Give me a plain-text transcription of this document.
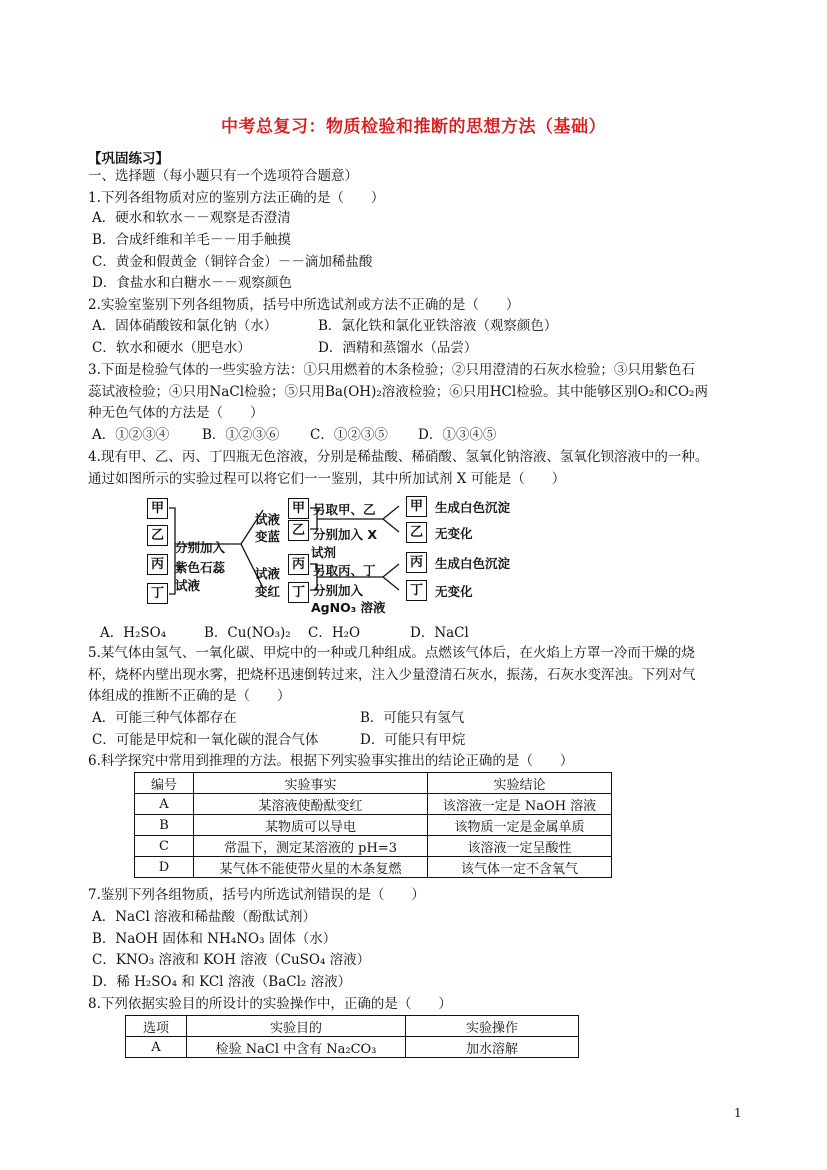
中考总复习：物质检验和推断的思想方法（基础）
【巩固练习】
一、选择题（每小题只有一个选项符合题意）
1.下列各组物质对应的鉴别方法正确的是（　　）
A．硬水和软水－－观察是否澄清
B．合成纤维和羊毛－－用手触摸
C．黄金和假黄金（铜锌合金）－－滴加稀盐酸
D．食盐水和白糖水－－观察颜色
2.实验室鉴别下列各组物质，括号中所选试剂或方法不正确的是（　　）
A．固体硝酸铵和氯化钠（水）	B．氯化铁和氯化亚铁溶液（观察颜色）
C．软水和硬水（肥皂水）	D．酒精和蒸馏水（品尝）
3.下面是检验气体的一些实验方法：①只用燃着的木条检验；②只用澄清的石灰水检验；③只用紫色石
蕊试液检验；④只用NaCl检验；⑤只用Ba(OH)₂溶液检验；⑥只用HCl检验。其中能够区别O₂和CO₂两
种无色气体的方法是（　　）
A．①②③④ B．①②③⑥ C．①②③⑤ D．①③④⑤
4.现有甲、乙、丙、丁四瓶无色溶液，分别是稀盐酸、稀硝酸、氢氧化钠溶液、氢氧化钡溶液中的一种。
通过如图所示的实验过程可以将它们一一鉴别，其中所加试剂 X 可能是（　　）
甲
乙
丙
丁
分别加入
紫色石蕊
试液
试液
变蓝
试液
变红
甲
乙
丙
丁
另取甲、乙
分别加入 X
试剂
另取丙、丁
分别加入
AgNO₃ 溶液
甲
乙
丙
丁
生成白色沉淀
无变化
生成白色沉淀
无变化
A．H₂SO₄	B．Cu(NO₃)₂ C．H₂O	D．NaCl
5.某气体由氢气、一氧化碳、甲烷中的一种或几种组成。点燃该气体后，在火焰上方罩一冷而干燥的烧
杯，烧杯内壁出现水雾，把烧杯迅速倒转过来，注入少量澄清石灰水，振荡，石灰水变浑浊。下列对气
体组成的推断不正确的是（　　）
A．可能三种气体都存在	B．可能只有氢气
C．可能是甲烷和一氧化碳的混合气体	D．可能只有甲烷
6.科学探究中常用到推理的方法。根据下列实验事实推出的结论正确的是（　　）
编号	实验事实	实验结论
A	某溶液使酚酞变红	该溶液一定是 NaOH 溶液
B	某物质可以导电	该物质一定是金属单质
C	常温下，测定某溶液的 pH=3	该溶液一定呈酸性
D	某气体不能使带火星的木条复燃	该气体一定不含氧气
7.鉴别下列各组物质，括号内所选试剂错误的是（　　）
A．NaCl 溶液和稀盐酸（酚酞试剂）
B．NaOH 固体和 NH₄NO₃ 固体（水）
C．KNO₃ 溶液和 KOH 溶液（CuSO₄ 溶液）
D．稀 H₂SO₄ 和 KCl 溶液（BaCl₂ 溶液）
8.下列依据实验目的所设计的实验操作中，正确的是（　　）
选项	实验目的	实验操作
A	检验 NaCl 中含有 Na₂CO₃	加水溶解
1
